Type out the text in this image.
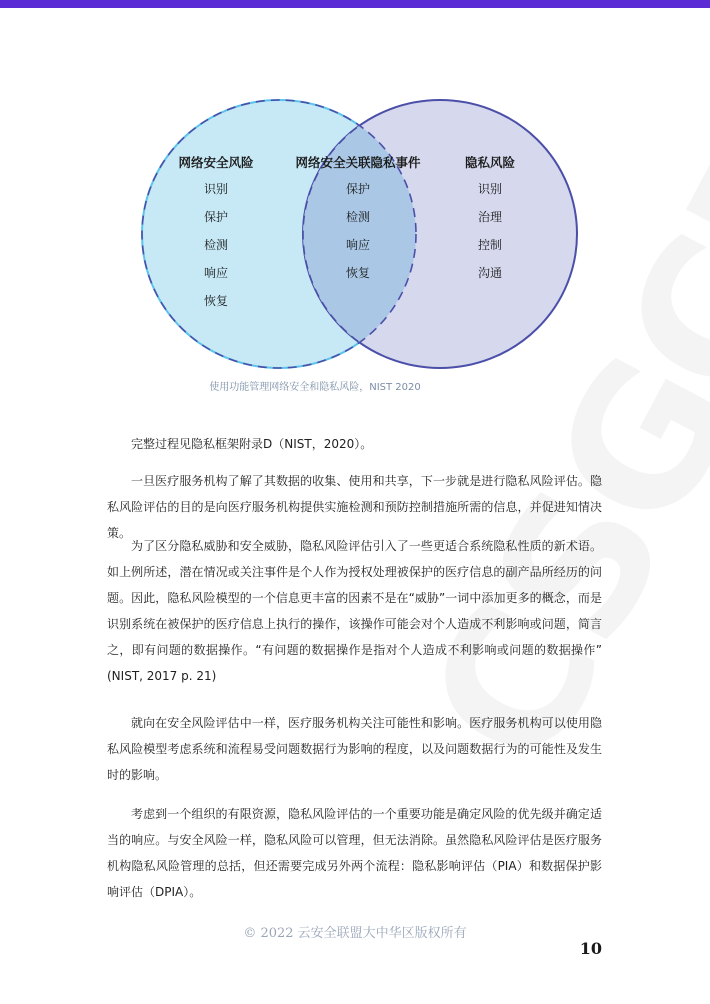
网络安全风险
识别
保护
检测
响应
恢复
网络安全关联隐私事件
保护
检测
响应
恢复
隐私风险
识别
治理
控制
沟通
使用功能管理网络安全和隐私风险，NIST 2020
完整过程见隐私框架附录D（NIST，2020）。
一旦医疗服务机构了解了其数据的收集、使用和共享，下一步就是进行隐私风险评估。隐私风险评估的目的是向医疗服务机构提供实施检测和预防控制措施所需的信息，并促进知情决策。
为了区分隐私威胁和安全威胁，隐私风险评估引入了一些更适合系统隐私性质的新术语。如上例所述，潜在情况或关注事件是个人作为授权处理被保护的医疗信息的副产品所经历的问题。因此，隐私风险模型的一个信息更丰富的因素不是在“威胁”一词中添加更多的概念，而是识别系统在被保护的医疗信息上执行的操作，该操作可能会对个人造成不利影响或问题，简言之，即有问题的数据操作。“有问题的数据操作是指对个人造成不利影响或问题的数据操作” (NIST, 2017 p. 21)
就向在安全风险评估中一样，医疗服务机构关注可能性和影响。医疗服务机构可以使用隐私风险模型考虑系统和流程易受问题数据行为影响的程度，以及问题数据行为的可能性及发生时的影响。
考虑到一个组织的有限资源，隐私风险评估的一个重要功能是确定风险的优先级并确定适当的响应。与安全风险一样，隐私风险可以管理，但无法消除。虽然隐私风险评估是医疗服务机构隐私风险管理的总括，但还需要完成另外两个流程：隐私影响评估（PIA）和数据保护影响评估（DPIA）。
© 2022 云安全联盟大中华区版权所有
10
